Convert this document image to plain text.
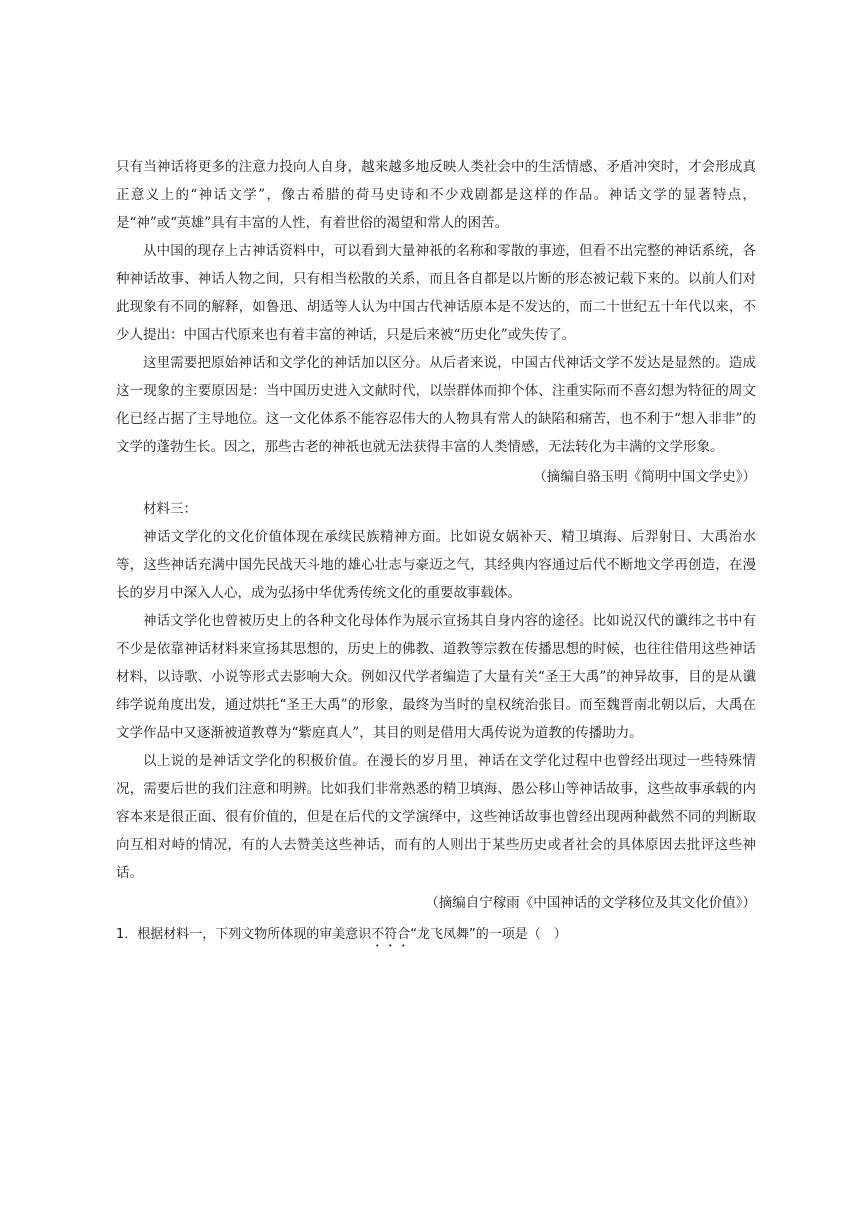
只有当神话将更多的注意力投向人自身，越来越多地反映人类社会中的生活情感、矛盾冲突时，才会形成真正意义上的“神话文学”，像古希腊的荷马史诗和不少戏剧都是这样的作品。神话文学的显著特点，是“神”或“英雄”具有丰富的人性，有着世俗的渴望和常人的困苦。

从中国的现存上古神话资料中，可以看到大量神祇的名称和零散的事迹，但看不出完整的神话系统，各种神话故事、神话人物之间，只有相当松散的关系，而且各自都是以片断的形态被记载下来的。以前人们对此现象有不同的解释，如鲁迅、胡适等人认为中国古代神话原本是不发达的，而二十世纪五十年代以来，不少人提出：中国古代原来也有着丰富的神话，只是后来被“历史化”或失传了。

这里需要把原始神话和文学化的神话加以区分。从后者来说，中国古代神话文学不发达是显然的。造成这一现象的主要原因是：当中国历史进入文献时代，以崇群体而抑个体、注重实际而不喜幻想为特征的周文化已经占据了主导地位。这一文化体系不能容忍伟大的人物具有常人的缺陷和痛苦，也不利于“想入非非”的文学的蓬勃生长。因之，那些古老的神祇也就无法获得丰富的人类情感，无法转化为丰满的文学形象。

（摘编自骆玉明《简明中国文学史》）
材料三：

神话文学化的文化价值体现在承续民族精神方面。比如说女娲补天、精卫填海、后羿射日、大禹治水等，这些神话充满中国先民战天斗地的雄心壮志与豪迈之气，其经典内容通过后代不断地文学再创造，在漫长的岁月中深入人心，成为弘扬中华优秀传统文化的重要故事载体。

神话文学化也曾被历史上的各种文化母体作为展示宣扬其自身内容的途径。比如说汉代的谶纬之书中有不少是依靠神话材料来宣扬其思想的，历史上的佛教、道教等宗教在传播思想的时候，也往往借用这些神话材料，以诗歌、小说等形式去影响大众。例如汉代学者编造了大量有关“圣王大禹”的神异故事，目的是从谶纬学说角度出发，通过烘托“圣王大禹”的形象，最终为当时的皇权统治张目。而至魏晋南北朝以后，大禹在文学作品中又逐渐被道教尊为“紫庭真人”，其目的则是借用大禹传说为道教的传播助力。

以上说的是神话文学化的积极价值。在漫长的岁月里，神话在文学化过程中也曾经出现过一些特殊情况，需要后世的我们注意和明辨。比如我们非常熟悉的精卫填海、愚公移山等神话故事，这些故事承载的内容本来是很正面、很有价值的，但是在后代的文学演绎中，这些神话故事也曾经出现两种截然不同的判断取向互相对峙的情况，有的人去赞美这些神话，而有的人则出于某些历史或者社会的具体原因去批评这些神话。

（摘编自宁稼雨《中国神话的文学移位及其文化价值》）
1．根据材料一，下列文物所体现的审美意识不符合“龙飞凤舞”的一项是（　）
